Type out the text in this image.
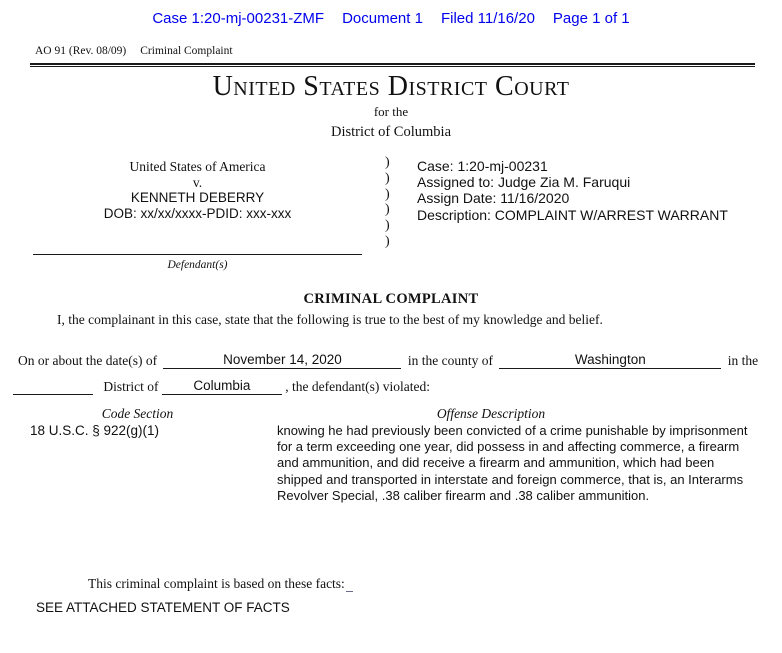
Case 1:20-mj-00231-ZMF Document 1 Filed 11/16/20 Page 1 of 1
AO 91 (Rev. 08/09) Criminal Complaint
United States District Court
for the
District of Columbia
United States of America
v.
KENNETH DEBERRY
DOB: xx/xx/xxxx-PDID: xxx-xxx
Defendant(s)
)
)
)
)
)
)
Case: 1:20-mj-00231
Assigned to: Judge Zia M. Faruqui
Assign Date: 11/16/2020
Description: COMPLAINT W/ARREST WARRANT
CRIMINAL COMPLAINT
I, the complainant in this case, state that the following is true to the best of my knowledge and belief.
On or about the date(s) of	November 14, 2020	in the county of	Washington	in the
District of	Columbia	, the defendant(s) violated:
Code Section	Offense Description
18 U.S.C. § 922(g)(1)	knowing he had previously been convicted of a crime punishable by imprisonment for a term exceeding one year, did possess in and affecting commerce, a firearm and ammunition, and did receive a firearm and ammunition, which had been shipped and transported in interstate and foreign commerce, that is, an Interarms Revolver Special, .38 caliber firearm and .38 caliber ammunition.
This criminal complaint is based on these facts:
SEE ATTACHED STATEMENT OF FACTS
